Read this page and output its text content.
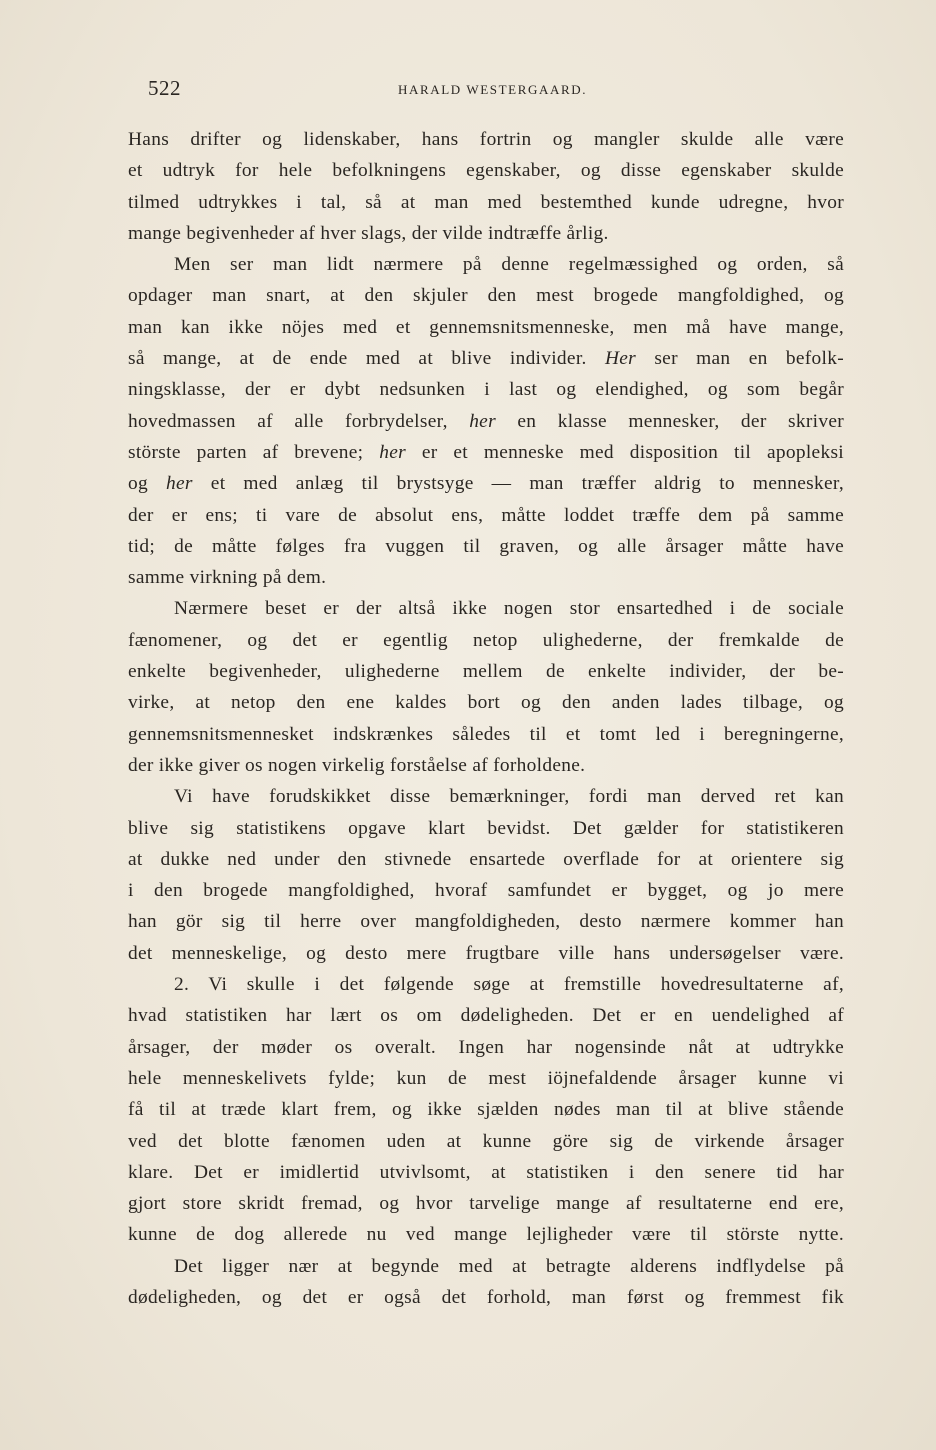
522	HARALD WESTERGAARD.
Hans drifter og lidenskaber, hans fortrin og mangler skulde alle være
et udtryk for hele befolkningens egenskaber, og disse egenskaber skulde
tilmed udtrykkes i tal, så at man med bestemthed kunde udregne, hvor
mange begivenheder af hver slags, der vilde indtræffe årlig.
Men ser man lidt nærmere på denne regelmæssighed og orden, så
opdager man snart, at den skjuler den mest brogede mangfoldighed, og
man kan ikke nöjes med et gennemsnitsmenneske, men må have mange,
så mange, at de ende med at blive individer. Her ser man en befolk-
ningsklasse, der er dybt nedsunken i last og elendighed, og som begår
hovedmassen af alle forbrydelser, her en klasse mennesker, der skriver
störste parten af brevene; her er et menneske med disposition til apopleksi
og her et med anlæg til brystsyge — man træffer aldrig to mennesker,
der er ens; ti vare de absolut ens, måtte loddet træffe dem på samme
tid; de måtte følges fra vuggen til graven, og alle årsager måtte have
samme virkning på dem.
Nærmere beset er der altså ikke nogen stor ensartedhed i de sociale
fænomener, og det er egentlig netop ulighederne, der fremkalde de
enkelte begivenheder, ulighederne mellem de enkelte individer, der be-
virke, at netop den ene kaldes bort og den anden lades tilbage, og
gennemsnitsmennesket indskrænkes således til et tomt led i beregningerne,
der ikke giver os nogen virkelig forståelse af forholdene.
Vi have forudskikket disse bemærkninger, fordi man derved ret kan
blive sig statistikens opgave klart bevidst. Det gælder for statistikeren
at dukke ned under den stivnede ensartede overflade for at orientere sig
i den brogede mangfoldighed, hvoraf samfundet er bygget, og jo mere
han gör sig til herre over mangfoldigheden, desto nærmere kommer han
det menneskelige, og desto mere frugtbare ville hans undersøgelser være.
2. Vi skulle i det følgende søge at fremstille hovedresultaterne af,
hvad statistiken har lært os om dødeligheden. Det er en uendelighed af
årsager, der møder os overalt. Ingen har nogensinde nåt at udtrykke
hele menneskelivets fylde; kun de mest iöjnefaldende årsager kunne vi
få til at træde klart frem, og ikke sjælden nødes man til at blive stående
ved det blotte fænomen uden at kunne göre sig de virkende årsager
klare. Det er imidlertid utvivlsomt, at statistiken i den senere tid har
gjort store skridt fremad, og hvor tarvelige mange af resultaterne end ere,
kunne de dog allerede nu ved mange lejligheder være til störste nytte.
Det ligger nær at begynde med at betragte alderens indflydelse på
dødeligheden, og det er også det forhold, man først og fremmest fik
